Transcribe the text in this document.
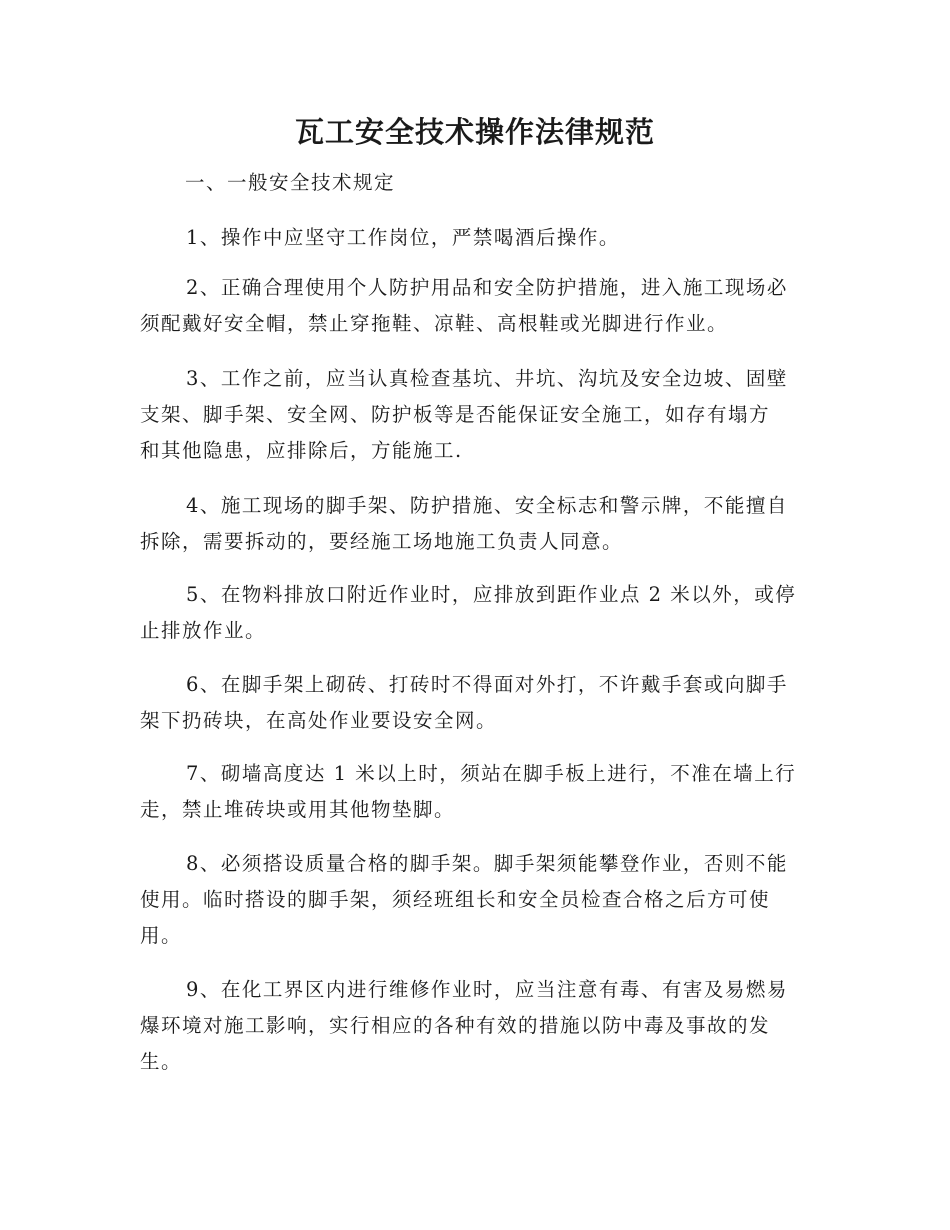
瓦工安全技术操作法律规范

一、一般安全技术规定

1、操作中应坚守工作岗位，严禁喝酒后操作。

2、正确合理使用个人防护用品和安全防护措施，进入施工现场必
须配戴好安全帽，禁止穿拖鞋、凉鞋、高根鞋或光脚进行作业。

3、工作之前，应当认真检查基坑、井坑、沟坑及安全边坡、固壁
支架、脚手架、安全网、防护板等是否能保证安全施工，如存有塌方
和其他隐患，应排除后，方能施工.

4、施工现场的脚手架、防护措施、安全标志和警示牌，不能擅自
拆除，需要拆动的，要经施工场地施工负责人同意。

5、在物料排放口附近作业时，应排放到距作业点 2 米以外，或停
止排放作业。

6、在脚手架上砌砖、打砖时不得面对外打，不许戴手套或向脚手
架下扔砖块，在高处作业要设安全网。

7、砌墙高度达 1 米以上时，须站在脚手板上进行，不准在墙上行
走，禁止堆砖块或用其他物垫脚。

8、必须搭设质量合格的脚手架。脚手架须能攀登作业，否则不能
使用。临时搭设的脚手架，须经班组长和安全员检查合格之后方可使
用。

9、在化工界区内进行维修作业时，应当注意有毒、有害及易燃易
爆环境对施工影响，实行相应的各种有效的措施以防中毒及事故的发
生。
